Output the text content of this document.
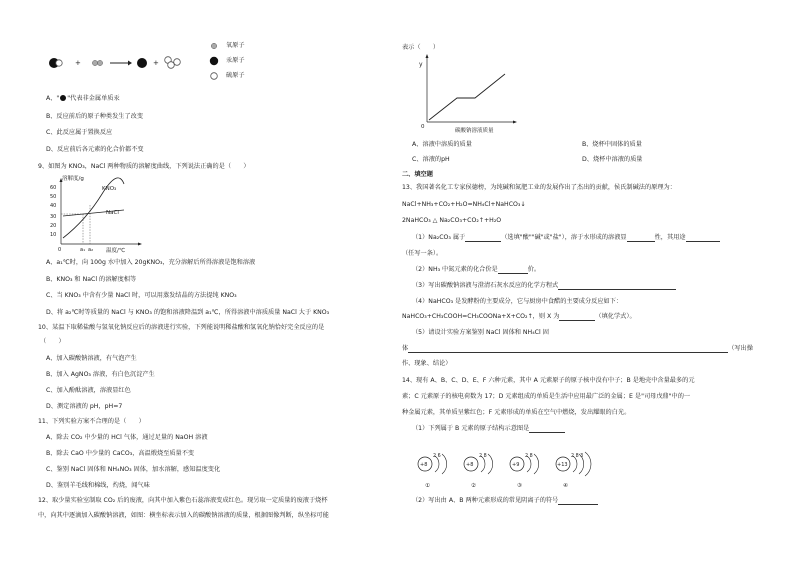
+	+
氧原子
汞原子
硫原子
A、" "代表非金属单质汞
B、反应前后的原子种类发生了改变
C、此反应属于置换反应
D、反应前后各元素的化合价都不变
9、如图为 KNO₃，NaCl 两种物质的溶解度曲线，下列说法正确的是（　　）
溶解度/g
60
50
40
30
20
10
0	a₁ a₂
KNO₃
NaCl
温度/℃
A、a₁℃时，向 100g 水中加入 20gKNO₃，充分溶解后所得溶液是饱和溶液
B、KNO₃ 和 NaCl 的溶解度相等
C、当 KNO₃ 中含有少量 NaCl 时，可以用蒸发结晶的方法提纯 KNO₃
D、将 a₂℃时等质量的 NaCl 与 KNO₃ 的饱和溶液降温到 a₁℃，所得溶液中溶质质量 NaCl 大于 KNO₃
10、某温下取稀盐酸与氢氧化钠反应后的溶液进行实验，下列能说明稀盐酸和氢氧化钠恰好完全反应的是
（　　）
A、加入碳酸钠溶液，有气泡产生
B、加入 AgNO₃ 溶液，有白色沉淀产生
C、加入酚酞溶液，溶液显红色
D、测定溶液的 pH，pH=7
11、下列实验方案不合理的是（　　）
A、除去 CO₂ 中少量的 HCl 气体，通过足量的 NaOH 溶液
B、除去 CaO 中少量的 CaCO₃，高温煅烧至质量不变
C、鉴别 NaCl 固体和 NH₄NO₃ 固体，加水溶解，感知温度变化
D、鉴别羊毛线和棉线，灼烧，闻气味
12、取少量实验室制取 CO₂ 后的废液，向其中加入紫色石蕊溶液变成红色。现另取一定质量的废液于烧杯
中，向其中逐滴加入碳酸钠溶液，如图：横坐标表示加入的碳酸钠溶液的质量，根据图像判断，纵坐标可能
表示（　　）
y
0
碳酸钠溶液质量
A、溶液中溶质的质量	B、烧杯中固体的质量
C、溶液的pH	D、烧杯中溶液的质量
二、填空题
13、我国著名化工专家侯德榜，为纯碱和氮肥工业的发展作出了杰出的贡献，侯氏制碱法的原理为：
NaCl+NH₃+CO₂+H₂O=NH₄Cl+NaHCO₃↓
2NaHCO₃ △ Na₂CO₃+CO₂↑+H₂O
（1）Na₂CO₃ 属于	（选填"酸""碱"或"盐"），溶于水形成的溶液显	性，其用途
（任写一条）。
（2）NH₃ 中氮元素的化合价是	价。
（3）写出碳酸钠溶液与澄清石灰水反应的化学方程式
（4）NaHCO₃ 是发酵粉的主要成分，它与厨房中食醋的主要成分反应如下：
NaHCO₃+CH₃COOH=CH₃COONa+X+CO₂↑，则 X 为	（填化学式）。
（5）请设计实验方案鉴别 NaCl 固体和 NH₄Cl 固
体	（写出操
作、现象、结论）
14、现有 A、B、C、D、E、F 六种元素，其中 A 元素原子的原子核中没有中子；B 是地壳中含量最多的元
素；C 元素原子的核电荷数为 17；D 元素组成的单质是生活中应用最广泛的金属；E 是"司母戊鼎"中的一
种金属元素，其单质呈紫红色；F 元素形成的单质在空气中燃烧，发出耀眼的白光。
（1）下列属于 B 元素的原子结构示意图是
+8
2 6
①
+8
2 8
②
+9
2 8
③
+13
2 8 3
④
（2）写出由 A、B 两种元素形成的常见阴离子的符号
